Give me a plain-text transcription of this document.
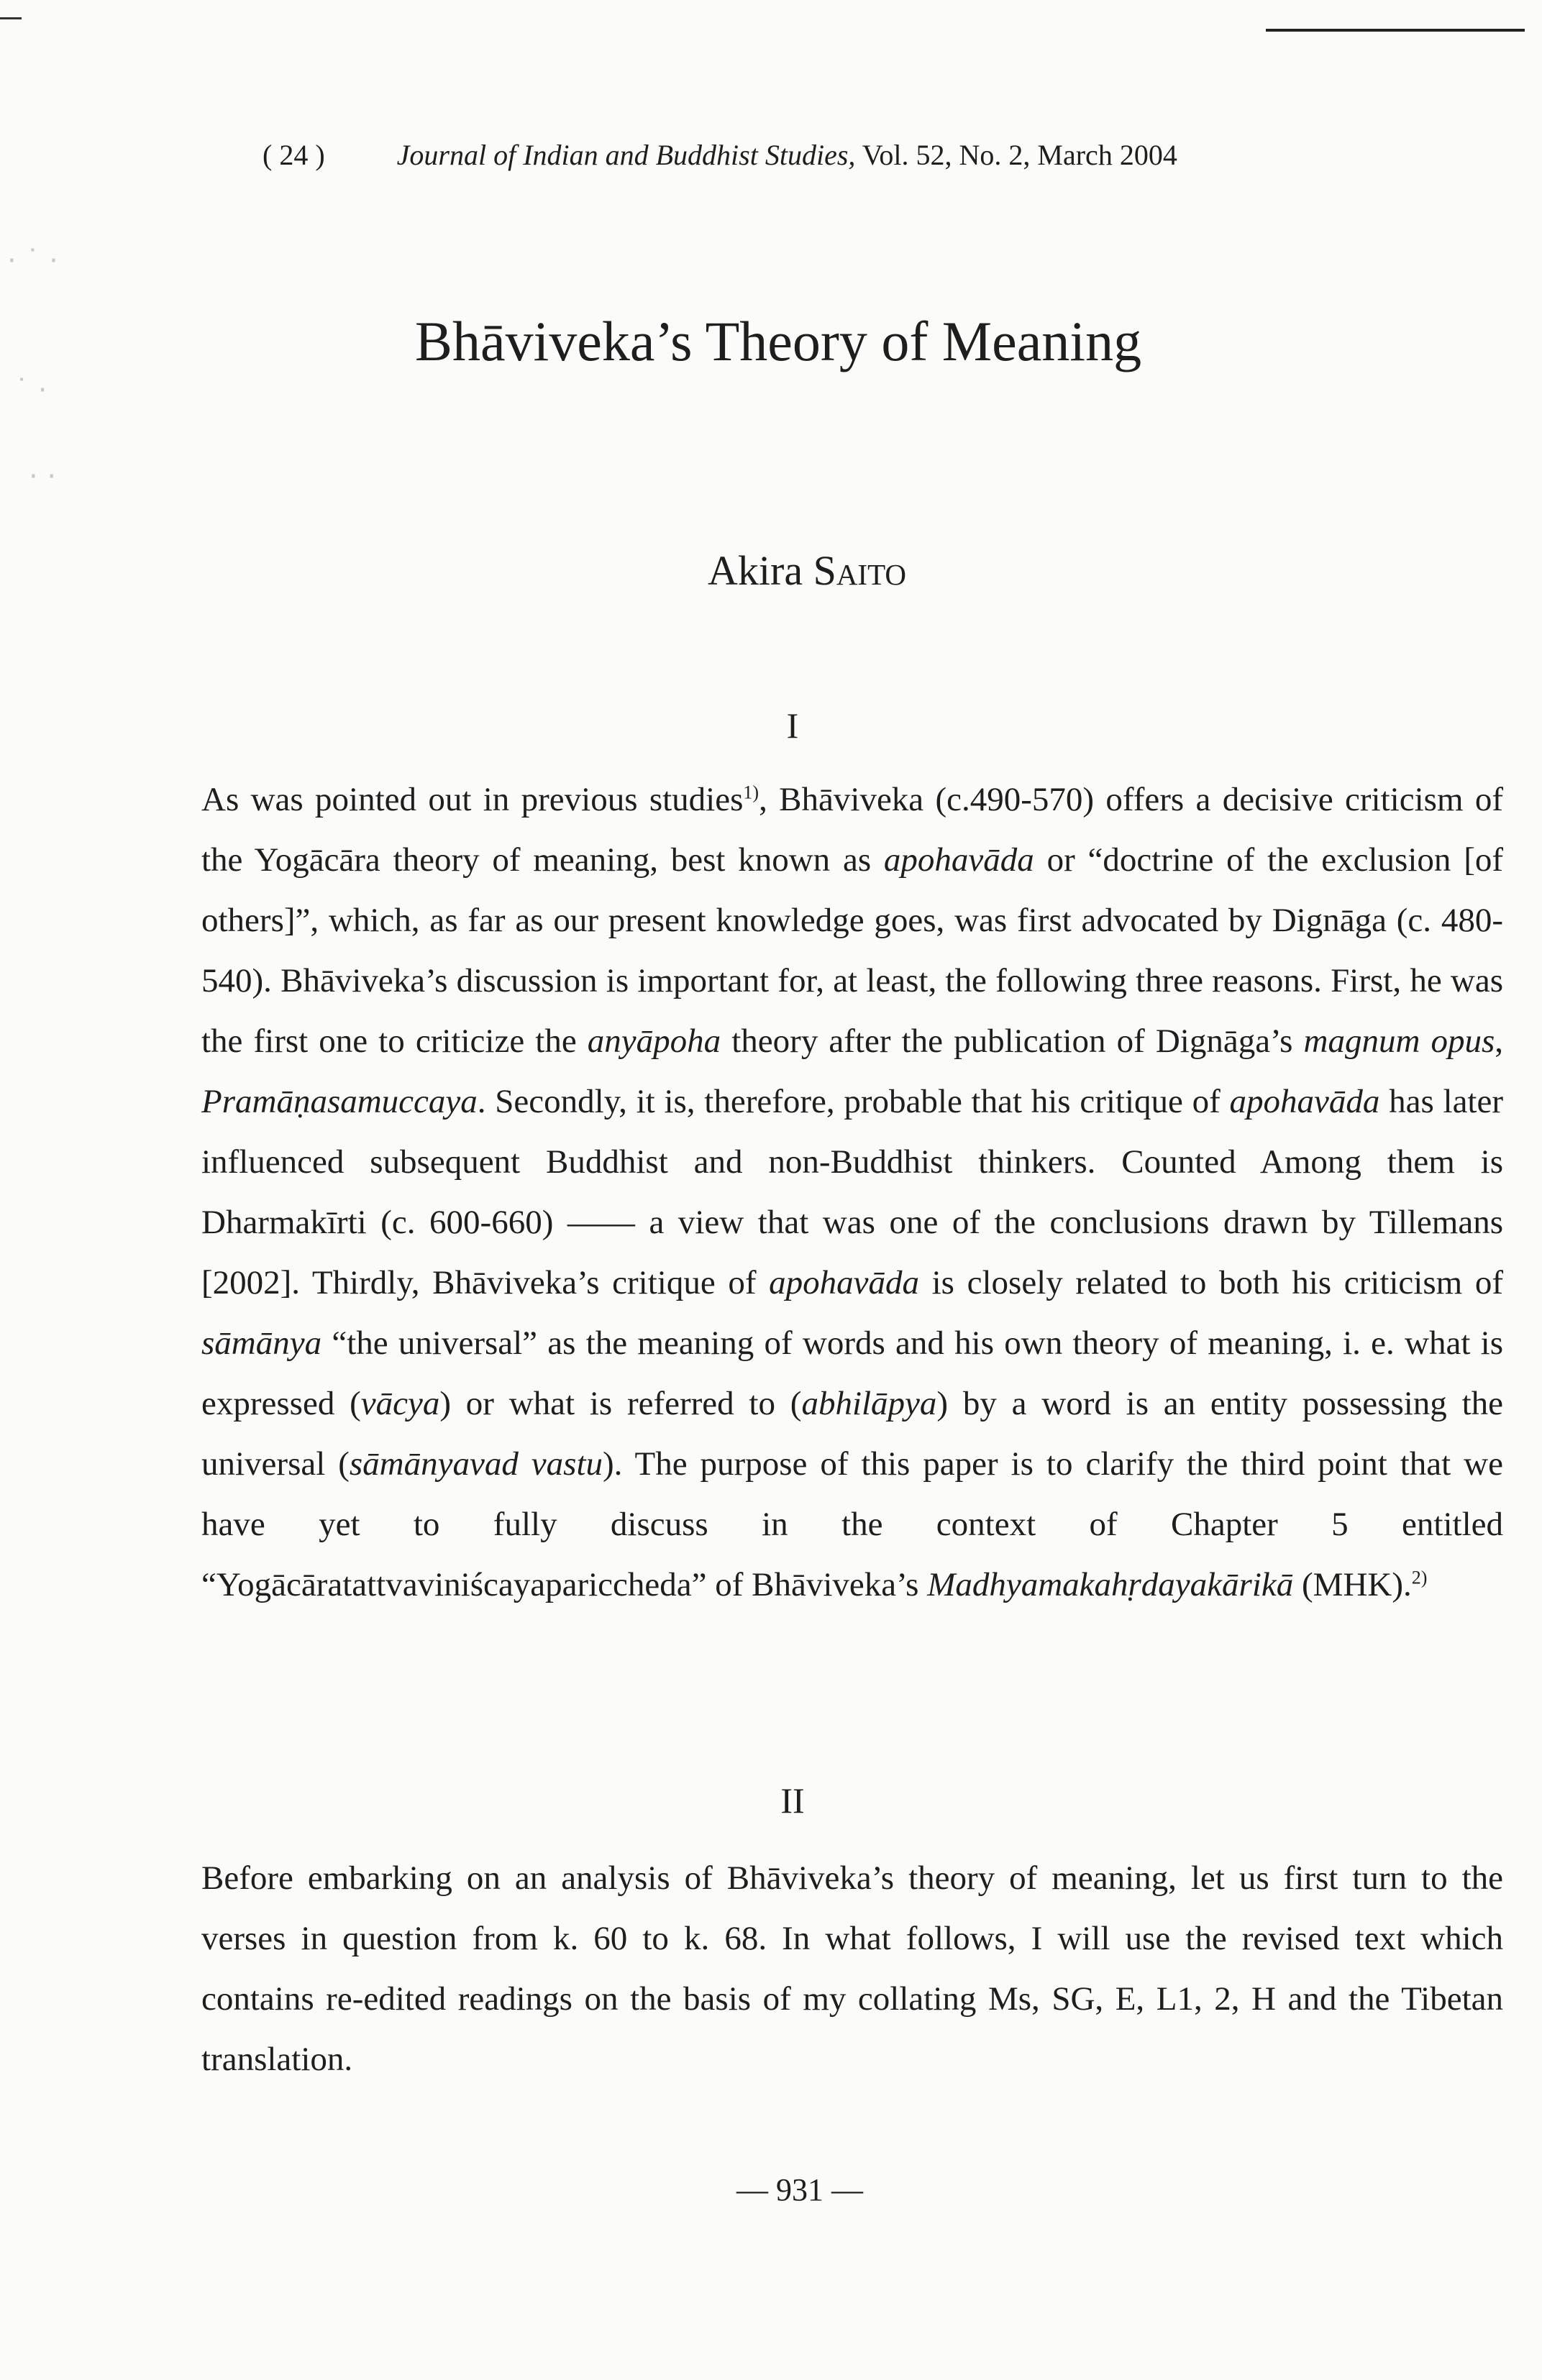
· ˙ ·
˙ ·
· ·
( 24 )	Journal of Indian and Buddhist Studies, Vol. 52, No. 2, March 2004
Bhāviveka’s Theory of Meaning
Akira Saito
I

As was pointed out in previous studies$^{1)}$, Bhāviveka (c.490-570) offers a decisive criticism of the Yogācāra theory of meaning, best known as apohavāda or “doctrine of the exclusion [of others]”, which, as far as our present knowledge goes, was first advocated by Dignāga (c. 480-540). Bhāviveka’s discussion is important for, at least, the following three reasons. First, he was the first one to criticize the anyāpoha theory after the publication of Dignāga’s magnum opus, Pramāṇasamuccaya. Secondly, it is, therefore, probable that his critique of apohavāda has later influenced subsequent Buddhist and non-Buddhist thinkers. Counted Among them is Dharmakīrti (c. 600-660) —— a view that was one of the conclusions drawn by Tillemans [2002]. Thirdly, Bhāviveka’s critique of apohavāda is closely related to both his criticism of sāmānya “the universal” as the meaning of words and his own theory of meaning, i. e. what is expressed (vācya) or what is referred to (abhilāpya) by a word is an entity possessing the universal (sāmānyavad vastu). The purpose of this paper is to clarify the third point that we have yet to fully discuss in the context of Chapter 5 entitled “Yogācāratattvaviniścayapariccheda” of Bhāviveka’s Madhyamakahṛdayakārikā (MHK).$^{2)}$

II

Before embarking on an analysis of Bhāviveka’s theory of meaning, let us first turn to the verses in question from k. 60 to k. 68. In what follows, I will use the revised text which contains re-edited readings on the basis of my collating Ms, SG, E, L1, 2, H and the Tibetan translation.

— 931 —
